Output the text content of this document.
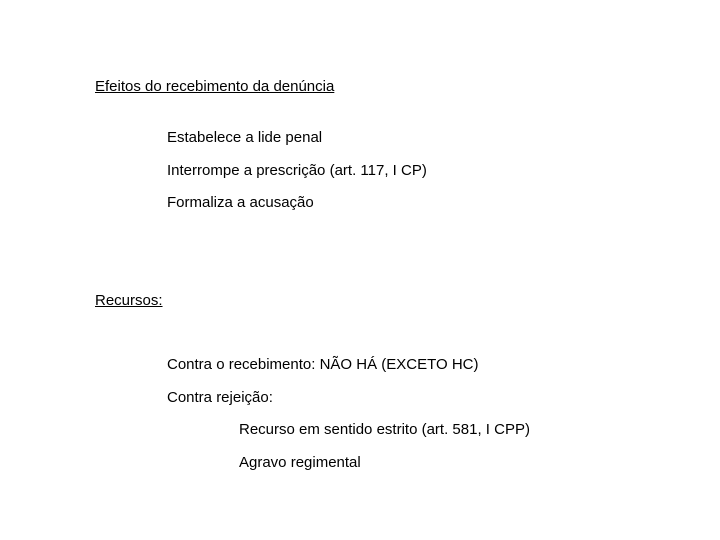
Efeitos do recebimento da denúncia
Estabelece a lide penal
Interrompe a prescrição (art. 117, I CP)
Formaliza a acusação
Recursos:
Contra o recebimento: NÃO HÁ (EXCETO HC)
Contra rejeição:
Recurso em sentido estrito (art. 581, I CPP)
Agravo regimental
